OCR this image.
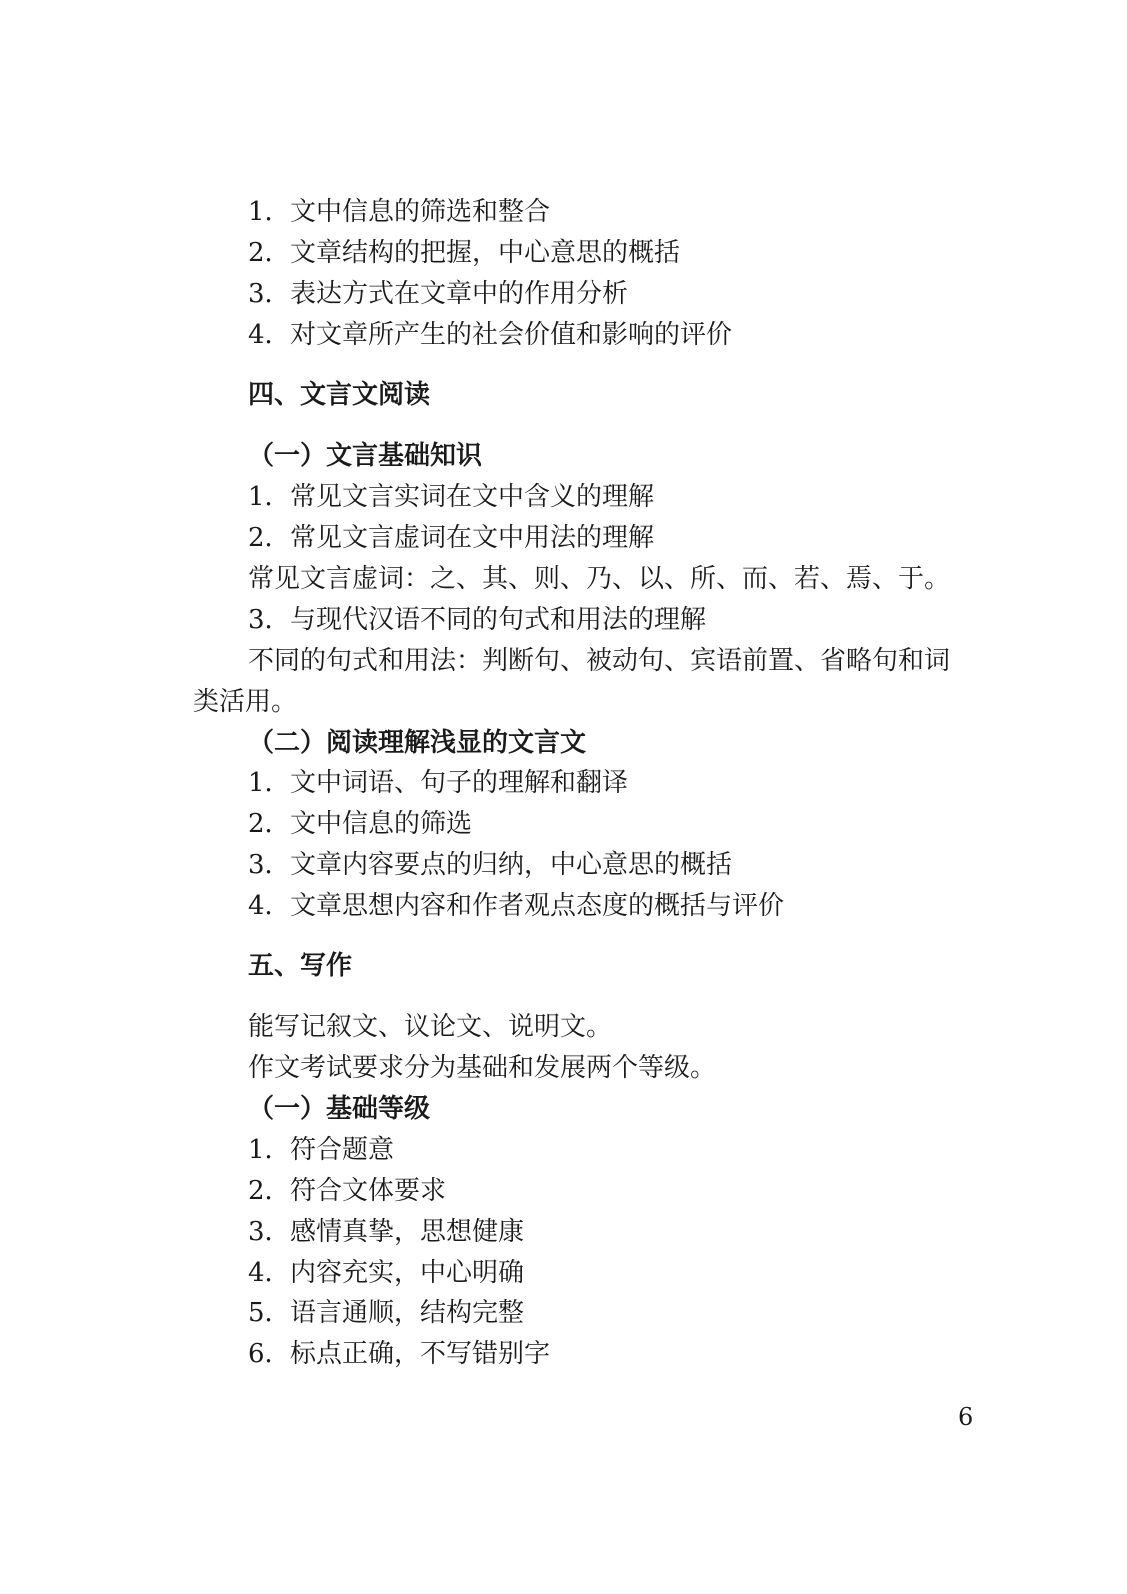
1．文中信息的筛选和整合
2．文章结构的把握，中心意思的概括
3．表达方式在文章中的作用分析
4．对文章所产生的社会价值和影响的评价
四、文言文阅读
（一）文言基础知识
1．常见文言实词在文中含义的理解
2．常见文言虚词在文中用法的理解
常见文言虚词：之、其、则、乃、以、所、而、若、焉、于。
3．与现代汉语不同的句式和用法的理解
不同的句式和用法：判断句、被动句、宾语前置、省略句和词
类活用。
（二）阅读理解浅显的文言文
1．文中词语、句子的理解和翻译
2．文中信息的筛选
3．文章内容要点的归纳，中心意思的概括
4．文章思想内容和作者观点态度的概括与评价
五、写作
能写记叙文、议论文、说明文。
作文考试要求分为基础和发展两个等级。
（一）基础等级
1．符合题意
2．符合文体要求
3．感情真挚，思想健康
4．内容充实，中心明确
5．语言通顺，结构完整
6．标点正确，不写错别字
6
